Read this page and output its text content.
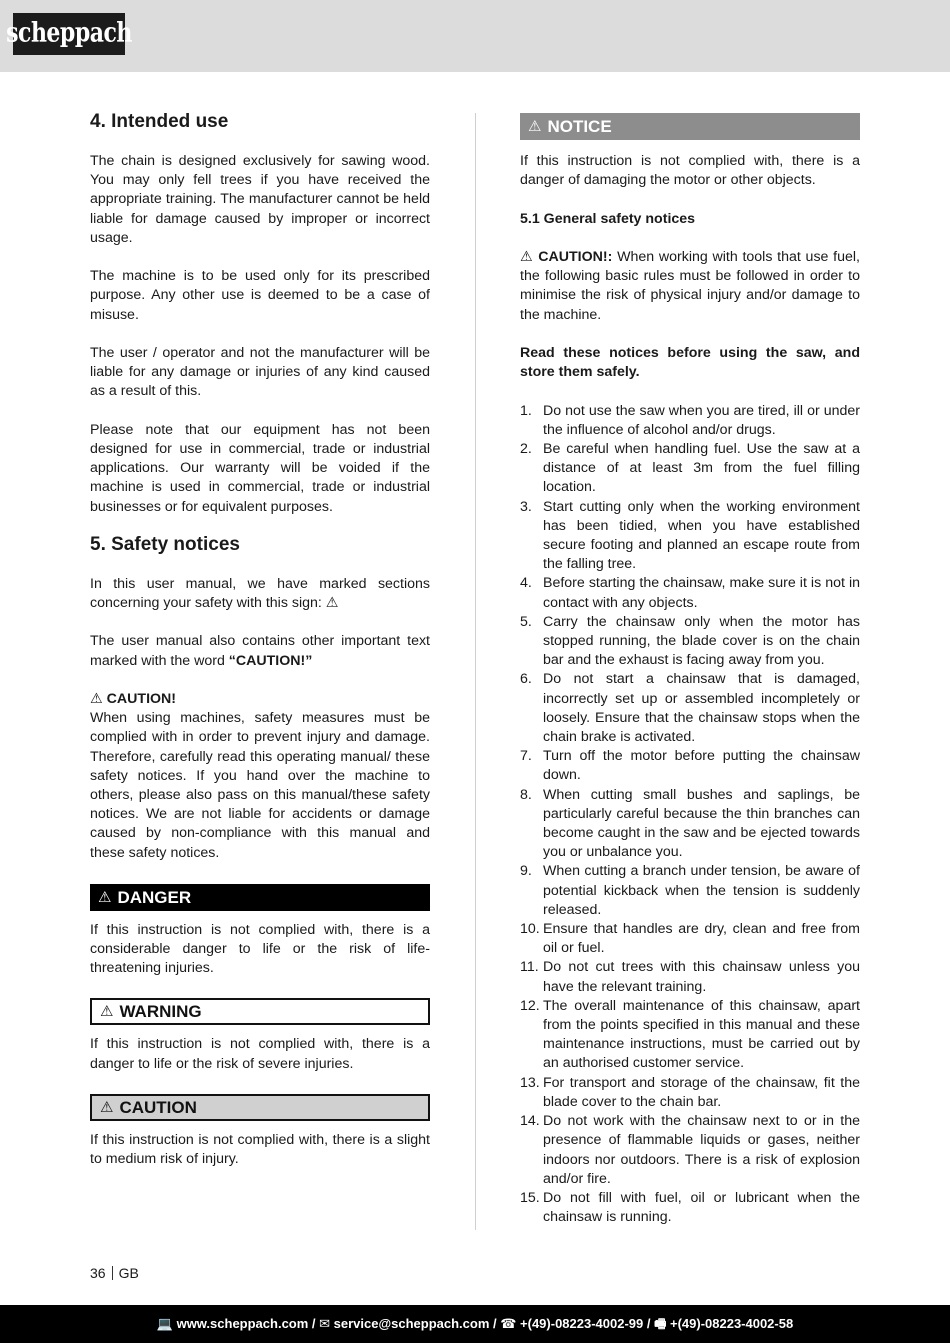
scheppach
4. Intended use

The chain is designed exclusively for sawing wood. You may only fell trees if you have received the appropriate training. The manufacturer cannot be held liable for damage caused by improper or incorrect usage.

The machine is to be used only for its prescribed purpose. Any other use is deemed to be a case of misuse.

The user / operator and not the manufacturer will be liable for any damage or injuries of any kind caused as a result of this.

Please note that our equipment has not been designed for use in commercial, trade or industrial applications. Our warranty will be voided if the machine is used in commercial, trade or industrial businesses or for equivalent purposes.

5. Safety notices

In this user manual, we have marked sections concerning your safety with this sign: ⚠

The user manual also contains other important text marked with the word “CAUTION!”

⚠ CAUTION!

When using machines, safety measures must be complied with in order to prevent injury and damage. Therefore, carefully read this operating manual/ these safety notices. If you hand over the machine to others, please also pass on this manual/these safety notices. We are not liable for accidents or damage caused by non-compliance with this manual and these safety notices.

⚠ DANGER

If this instruction is not complied with, there is a considerable danger to life or the risk of life-threatening injuries.

⚠ WARNING

If this instruction is not complied with, there is a danger to life or the risk of severe injuries.

⚠ CAUTION

If this instruction is not complied with, there is a slight to medium risk of injury.

⚠ NOTICE

If this instruction is not complied with, there is a danger of damaging the motor or other objects.

5.1 General safety notices

⚠ CAUTION!: When working with tools that use fuel, the following basic rules must be followed in order to minimise the risk of physical injury and/or damage to the machine.

Read these notices before using the saw, and store them safely.

1. Do not use the saw when you are tired, ill or under the influence of alcohol and/or drugs.
2. Be careful when handling fuel. Use the saw at a distance of at least 3m from the fuel filling location.
3. Start cutting only when the working environment has been tidied, when you have established secure footing and planned an escape route from the falling tree.
4. Before starting the chainsaw, make sure it is not in contact with any objects.
5. Carry the chainsaw only when the motor has stopped running, the blade cover is on the chain bar and the exhaust is facing away from you.
6. Do not start a chainsaw that is damaged, incorrectly set up or assembled incompletely or loosely. Ensure that the chainsaw stops when the chain brake is activated.
7. Turn off the motor before putting the chainsaw down.
8. When cutting small bushes and saplings, be particularly careful because the thin branches can become caught in the saw and be ejected towards you or unbalance you.
9. When cutting a branch under tension, be aware of potential kickback when the tension is suddenly released.
10. Ensure that handles are dry, clean and free from oil or fuel.
11. Do not cut trees with this chainsaw unless you have the relevant training.
12. The overall maintenance of this chainsaw, apart from the points specified in this manual and these maintenance instructions, must be carried out by an authorised customer service.
13. For transport and storage of the chainsaw, fit the blade cover to the chain bar.
14. Do not work with the chainsaw next to or in the presence of flammable liquids or gases, neither indoors nor outdoors. There is a risk of explosion and/or fire.
15. Do not fill with fuel, oil or lubricant when the chainsaw is running.
36 GB
💻 www.scheppach.com / ✉ service@scheppach.com / ☎ +(49)-08223-4002-99 / 🖷 +(49)-08223-4002-58
